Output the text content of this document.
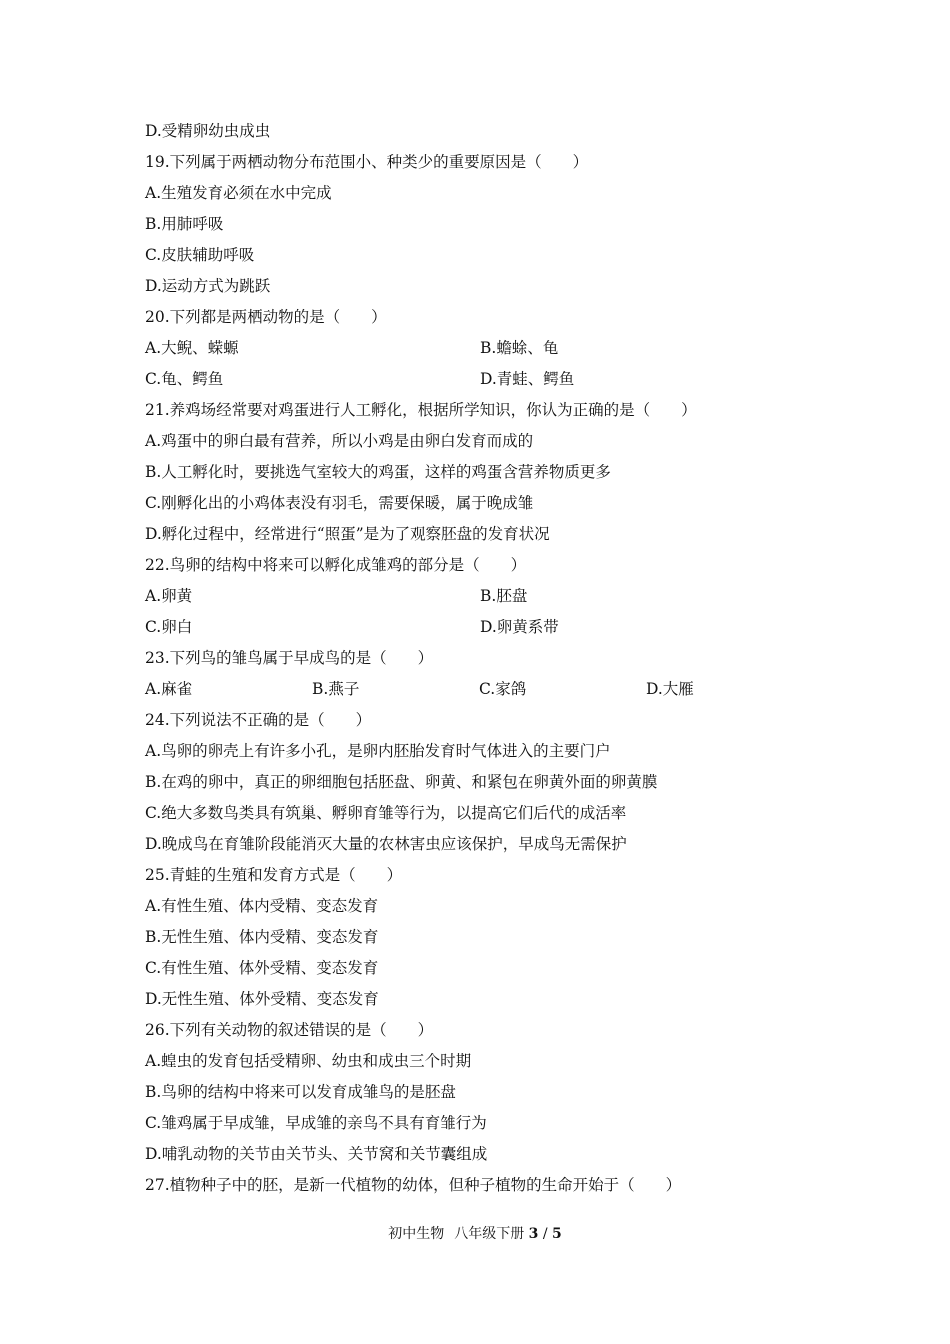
D.受精卵幼虫成虫
19.下列属于两栖动物分布范围小、种类少的重要原因是（　　）
A.生殖发育必须在水中完成
B.用肺呼吸
C.皮肤辅助呼吸
D.运动方式为跳跃
20.下列都是两栖动物的是（　　）
A.大鲵、蝾螈	B.蟾蜍、龟
C.龟、鳄鱼	D.青蛙、鳄鱼
21.养鸡场经常要对鸡蛋进行人工孵化，根据所学知识，你认为正确的是（　　）
A.鸡蛋中的卵白最有营养，所以小鸡是由卵白发育而成的
B.人工孵化时，要挑选气室较大的鸡蛋，这样的鸡蛋含营养物质更多
C.刚孵化出的小鸡体表没有羽毛，需要保暖，属于晚成雏
D.孵化过程中，经常进行“照蛋”是为了观察胚盘的发育状况
22.鸟卵的结构中将来可以孵化成雏鸡的部分是（　　）
A.卵黄	B.胚盘
C.卵白	D.卵黄系带
23.下列鸟的雏鸟属于早成鸟的是（　　）
A.麻雀	B.燕子	C.家鸽	D.大雁
24.下列说法不正确的是（　　）
A.鸟卵的卵壳上有许多小孔，是卵内胚胎发育时气体进入的主要门户
B.在鸡的卵中，真正的卵细胞包括胚盘、卵黄、和紧包在卵黄外面的卵黄膜
C.绝大多数鸟类具有筑巢、孵卵育雏等行为，以提高它们后代的成活率
D.晚成鸟在育雏阶段能消灭大量的农林害虫应该保护，早成鸟无需保护
25.青蛙的生殖和发育方式是（　　）
A.有性生殖、体内受精、变态发育
B.无性生殖、体内受精、变态发育
C.有性生殖、体外受精、变态发育
D.无性生殖、体外受精、变态发育
26.下列有关动物的叙述错误的是（　　）
A.蝗虫的发育包括受精卵、幼虫和成虫三个时期
B.鸟卵的结构中将来可以发育成雏鸟的是胚盘
C.雏鸡属于早成雏，早成雏的亲鸟不具有育雏行为
D.哺乳动物的关节由关节头、关节窝和关节囊组成
27.植物种子中的胚，是新一代植物的幼体，但种子植物的生命开始于（　　）
初中生物 八年级下册 3 / 5
